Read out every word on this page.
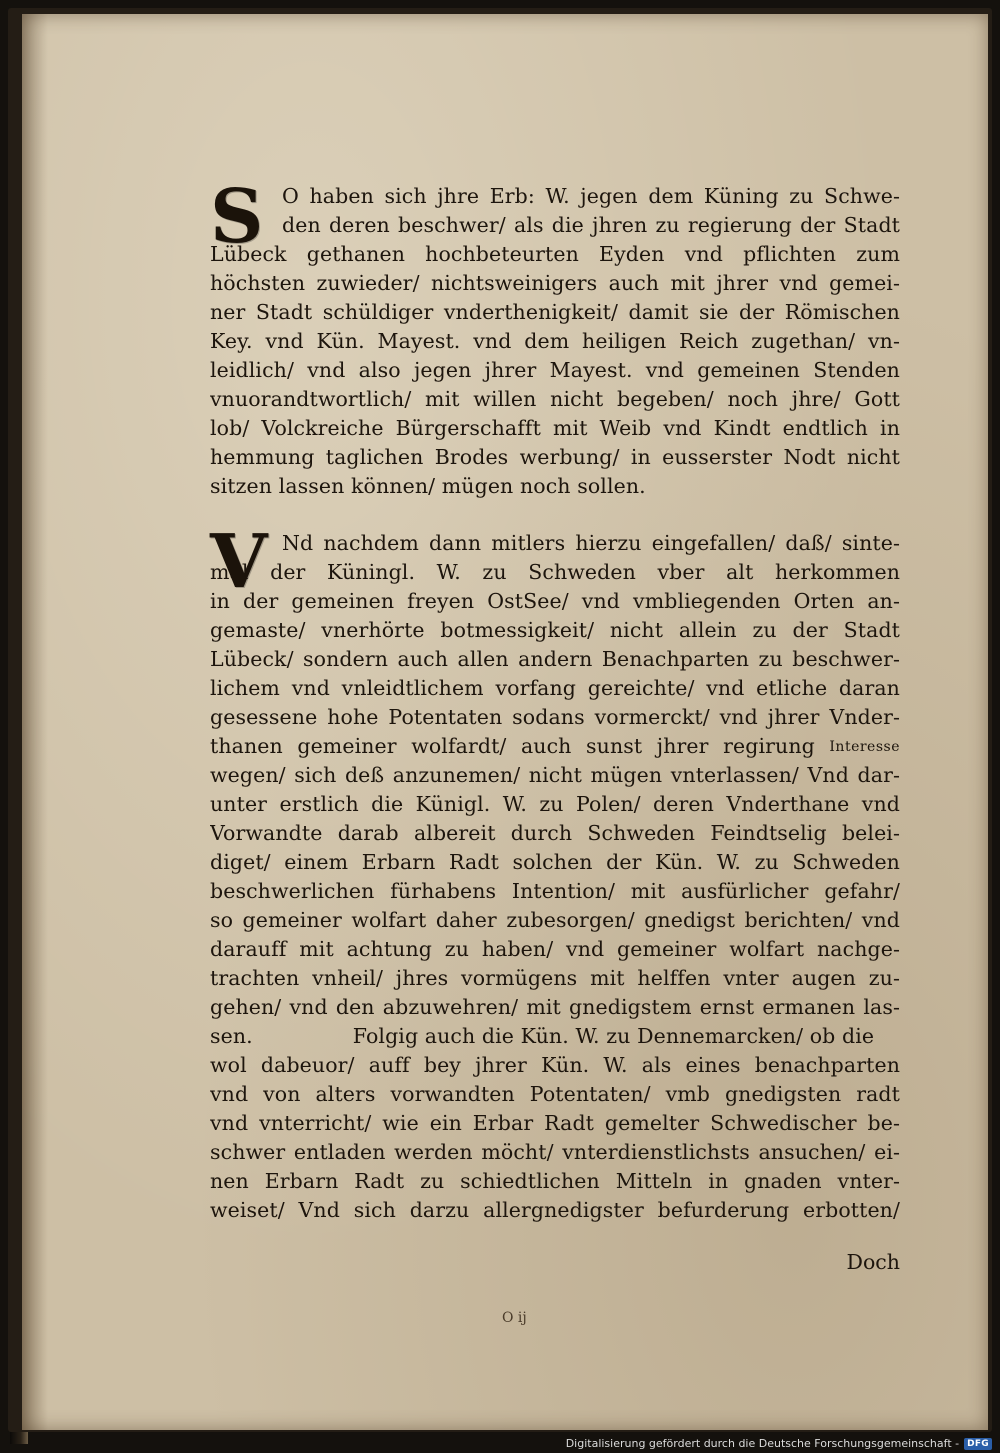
S O haben sich jhre Erb: W. jegen dem Küning zu Schwe-
den deren beschwer/ als die jhren zu regierung der Stadt
Lübeck gethanen hochbeteurten Eyden vnd pflichten zum
höchsten zuwieder/ nichtsweinigers auch mit jhrer vnd gemei-
ner Stadt schüldiger vnderthenigkeit/ damit sie der Römischen
Key. vnd Kün. Mayest. vnd dem heiligen Reich zugethan/ vn-
leidlich/ vnd also jegen jhrer Mayest. vnd gemeinen Stenden
vnuorandtwortlich/ mit willen nicht begeben/ noch jhre/ Gott
lob/ Volckreiche Bürgerschafft mit Weib vnd Kindt endtlich in
hemmung taglichen Brodes werbung/ in eusserster Nodt nicht
sitzen lassen können/ mügen noch sollen.
V Nd nachdem dann mitlers hierzu eingefallen/ daß/ sinte-
mal der Küningl. W. zu Schweden vber alt herkommen
in der gemeinen freyen OstSee/ vnd vmbliegenden Orten an-
gemaste/ vnerhörte botmessigkeit/ nicht allein zu der Stadt
Lübeck/ sondern auch allen andern Benachparten zu beschwer-
lichem vnd vnleidtlichem vorfang gereichte/ vnd etliche daran
gesessene hohe Potentaten sodans vormerckt/ vnd jhrer Vnder-
thanen gemeiner wolfardt/ auch sunst jhrer regirung Interesse
wegen/ sich deß anzunemen/ nicht mügen vnterlassen/ Vnd dar-
unter erstlich die Künigl. W. zu Polen/ deren Vnderthane vnd
Vorwandte darab albereit durch Schweden Feindtselig belei-
diget/ einem Erbarn Radt solchen der Kün. W. zu Schweden
beschwerlichen fürhabens Intention/ mit ausfürlicher gefahr/
so gemeiner wolfart daher zubesorgen/ gnedigst berichten/ vnd
darauff mit achtung zu haben/ vnd gemeiner wolfart nachge-
trachten vnheil/ jhres vormügens mit helffen vnter augen zu-
gehen/ vnd den abzuwehren/ mit gnedigstem ernst ermanen las-
sen.	Folgig auch die Kün. W. zu Dennemarcken/ ob die
wol dabeuor/ auff bey jhrer Kün. W. als eines benachparten
vnd von alters vorwandten Potentaten/ vmb gnedigsten radt
vnd vnterricht/ wie ein Erbar Radt gemelter Schwedischer be-
schwer entladen werden möcht/ vnterdienstlichsts ansuchen/ ei-
nen Erbarn Radt zu schiedtlichen Mitteln in gnaden vnter-
weiset/ Vnd sich darzu allergnedigster befurderung erbotten/
Doch
O ij
Digitalisierung gefördert durch die Deutsche Forschungsgemeinschaft - DFG
